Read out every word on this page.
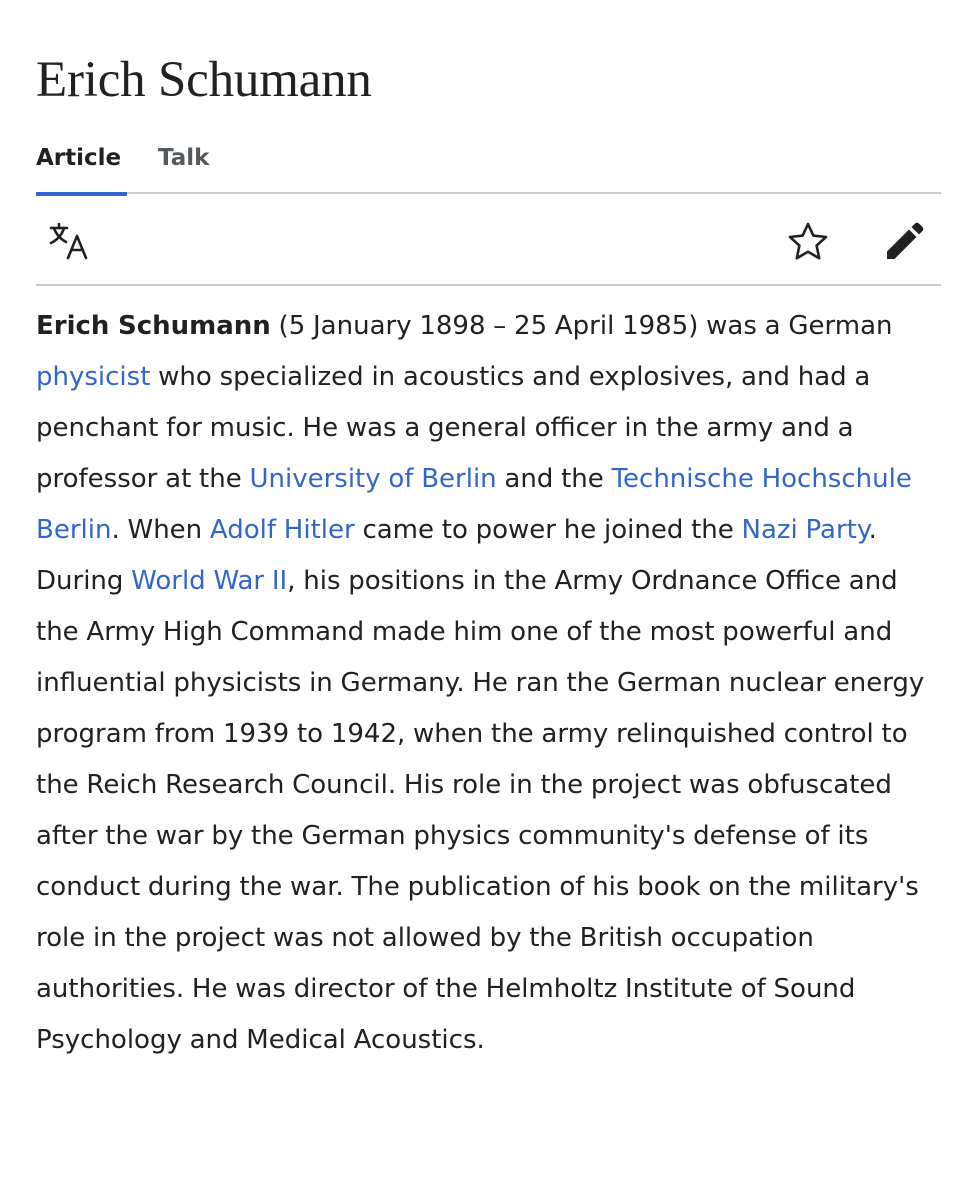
Erich Schumann
Article Talk

Erich Schumann (5 January 1898 – 25 April 1985) was a German physicist who specialized in acoustics and explosives, and had a penchant for music. He was a general officer in the army and a professor at the University of Berlin and the Technische Hochschule Berlin. When Adolf Hitler came to power he joined the Nazi Party. During World War II, his positions in the Army Ordnance Office and the Army High Command made him one of the most powerful and influential physicists in Germany. He ran the German nuclear energy program from 1939 to 1942, when the army relinquished control to the Reich Research Council. His role in the project was obfuscated after the war by the German physics community's defense of its conduct during the war. The publication of his book on the military's role in the project was not allowed by the British occupation authorities. He was director of the Helmholtz Institute of Sound Psychology and Medical Acoustics.
